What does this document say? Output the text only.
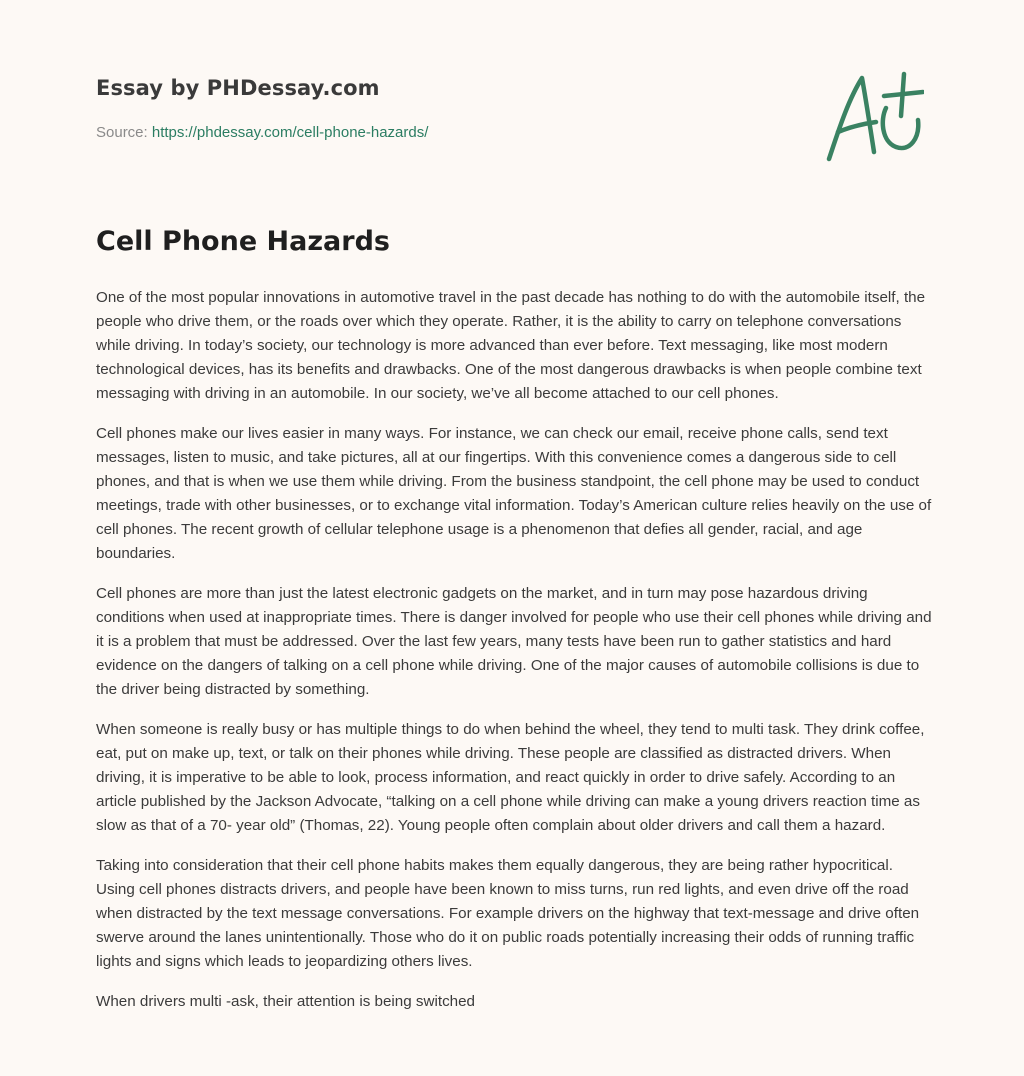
Essay by PHDessay.com
Source: https://phdessay.com/cell-phone-hazards/
Cell Phone Hazards

One of the most popular innovations in automotive travel in the past decade has nothing to do with the automobile itself, the people who drive them, or the roads over which they operate. Rather, it is the ability to carry on telephone conversations while driving. In today’s society, our technology is more advanced than ever before. Text messaging, like most modern technological devices, has its benefits and drawbacks. One of the most dangerous drawbacks is when people combine text messaging with driving in an automobile. In our society, we’ve all become attached to our cell phones.

Cell phones make our lives easier in many ways. For instance, we can check our email, receive phone calls, send text messages, listen to music, and take pictures, all at our fingertips. With this convenience comes a dangerous side to cell phones, and that is when we use them while driving. From the business standpoint, the cell phone may be used to conduct meetings, trade with other businesses, or to exchange vital information. Today’s American culture relies heavily on the use of cell phones. The recent growth of cellular telephone usage is a phenomenon that defies all gender, racial, and age boundaries.

Cell phones are more than just the latest electronic gadgets on the market, and in turn may pose hazardous driving conditions when used at inappropriate times. There is danger involved for people who use their cell phones while driving and it is a problem that must be addressed. Over the last few years, many tests have been run to gather statistics and hard evidence on the dangers of talking on a cell phone while driving. One of the major causes of automobile collisions is due to the driver being distracted by something.

When someone is really busy or has multiple things to do when behind the wheel, they tend to multi task. They drink coffee, eat, put on make up, text, or talk on their phones while driving. These people are classified as distracted drivers. When driving, it is imperative to be able to look, process information, and react quickly in order to drive safely. According to an article published by the Jackson Advocate, “talking on a cell phone while driving can make a young drivers reaction time as slow as that of a 70- year old” (Thomas, 22). Young people often complain about older drivers and call them a hazard.

Taking into consideration that their cell phone habits makes them equally dangerous, they are being rather hypocritical. Using cell phones distracts drivers, and people have been known to miss turns, run red lights, and even drive off the road when distracted by the text message conversations. For example drivers on the highway that text-message and drive often swerve around the lanes unintentionally. Those who do it on public roads potentially increasing their odds of running traffic lights and signs which leads to jeopardizing others lives.

When drivers multi -ask, their attention is being switched
